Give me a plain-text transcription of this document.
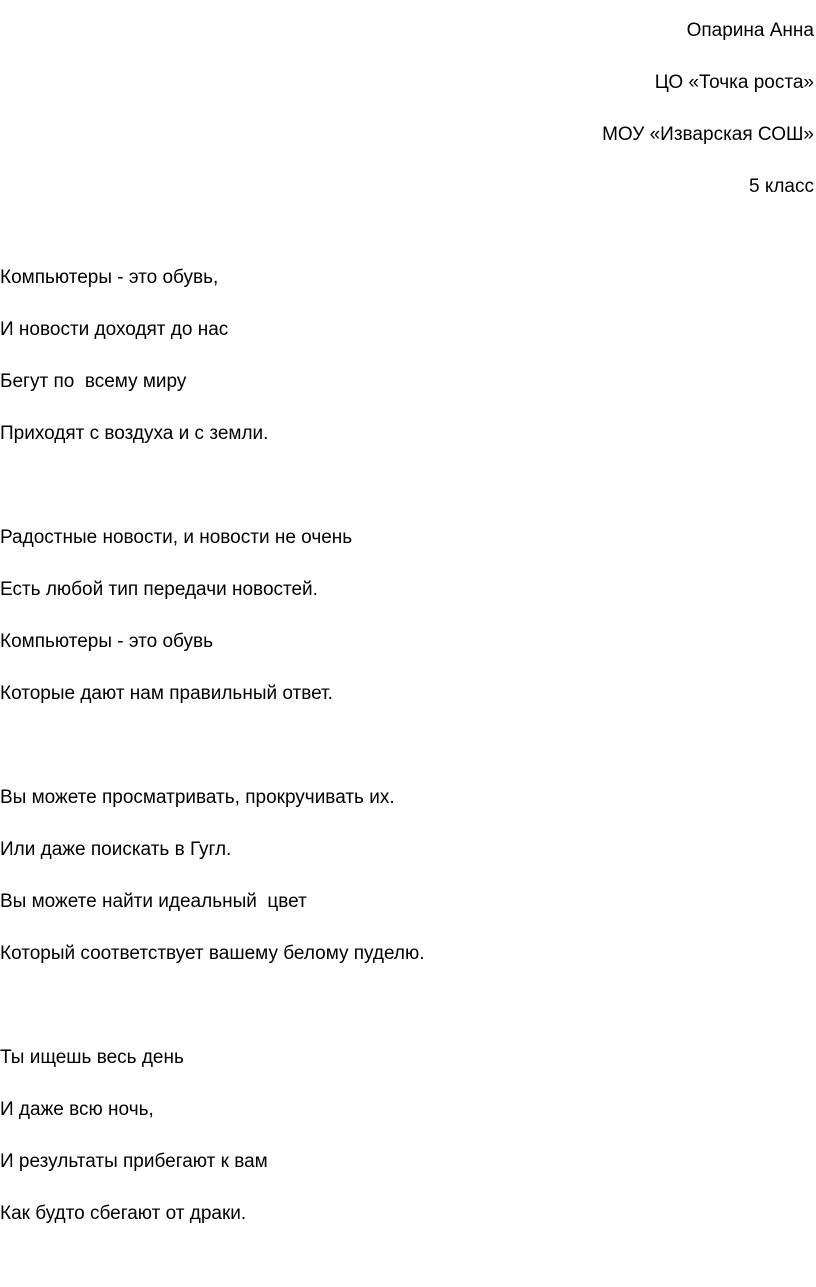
Опарина Анна
ЦО «Точка роста»
МОУ «Изварская СОШ»
5 класс
Компьютеры - это обувь,
И новости доходят до нас
Бегут по  всему миру
Приходят с воздуха и с земли.
Радостные новости, и новости не очень
Есть любой тип передачи новостей.
Компьютеры - это обувь
Которые дают нам правильный ответ.
Вы можете просматривать, прокручивать их.
Или даже поискать в Гугл.
Вы можете найти идеальный  цвет
Который соответствует вашему белому пуделю.
Ты ищешь весь день
И даже всю ночь,
И результаты прибегают к вам
Как будто сбегают от драки.
